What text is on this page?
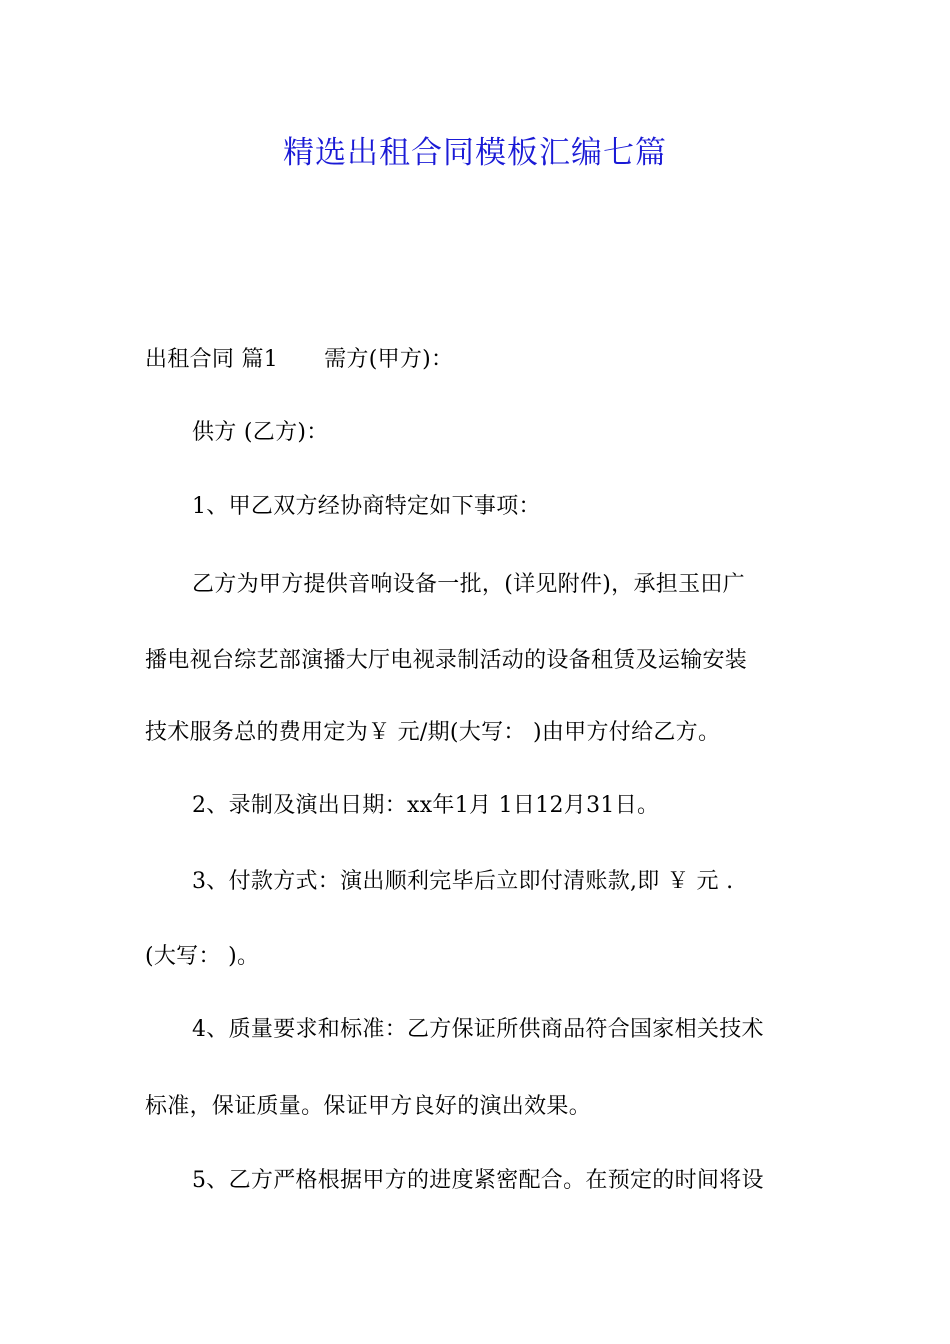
精选出租合同模板汇编七篇
出租合同 篇1 需方(甲方)：
供方 (乙方)：
1、甲乙双方经协商特定如下事项：
乙方为甲方提供音响设备一批，(详见附件)，承担玉田广
播电视台综艺部演播大厅电视录制活动的设备租赁及运输安装
技术服务总的费用定为￥ 元/期(大写： )由甲方付给乙方。
2、录制及演出日期：xx年1月 1日12月31日。
3、付款方式：演出顺利完毕后立即付清账款,即 ￥ 元 .
(大写： )。
4、质量要求和标准：乙方保证所供商品符合国家相关技术
标准，保证质量。保证甲方良好的演出效果。
5、乙方严格根据甲方的进度紧密配合。在预定的时间将设
